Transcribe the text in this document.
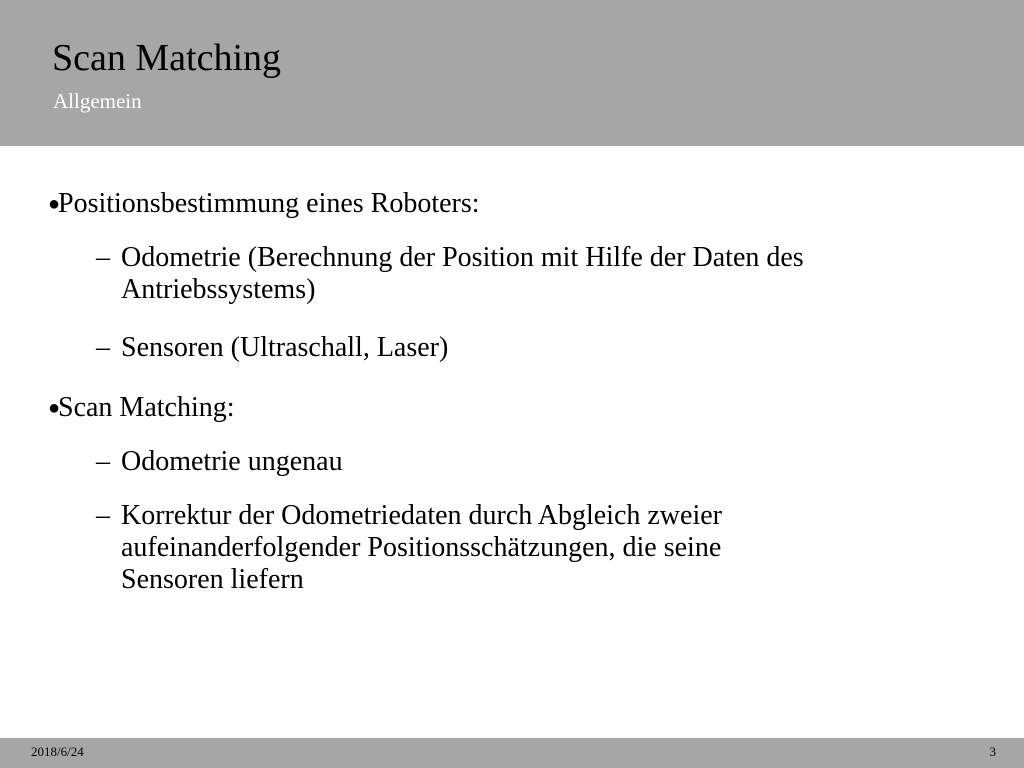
Scan Matching
Allgemein
●
Positionsbestimmung eines Roboters:
– Odometrie (Berechnung der Position mit Hilfe der Daten des
Antriebssystems)
– Sensoren (Ultraschall, Laser)
●
Scan Matching:
– Odometrie ungenau
– Korrektur der Odometriedaten durch Abgleich zweier
aufeinanderfolgender Positionsschätzungen, die seine
Sensoren liefern
2018/6/24	3
